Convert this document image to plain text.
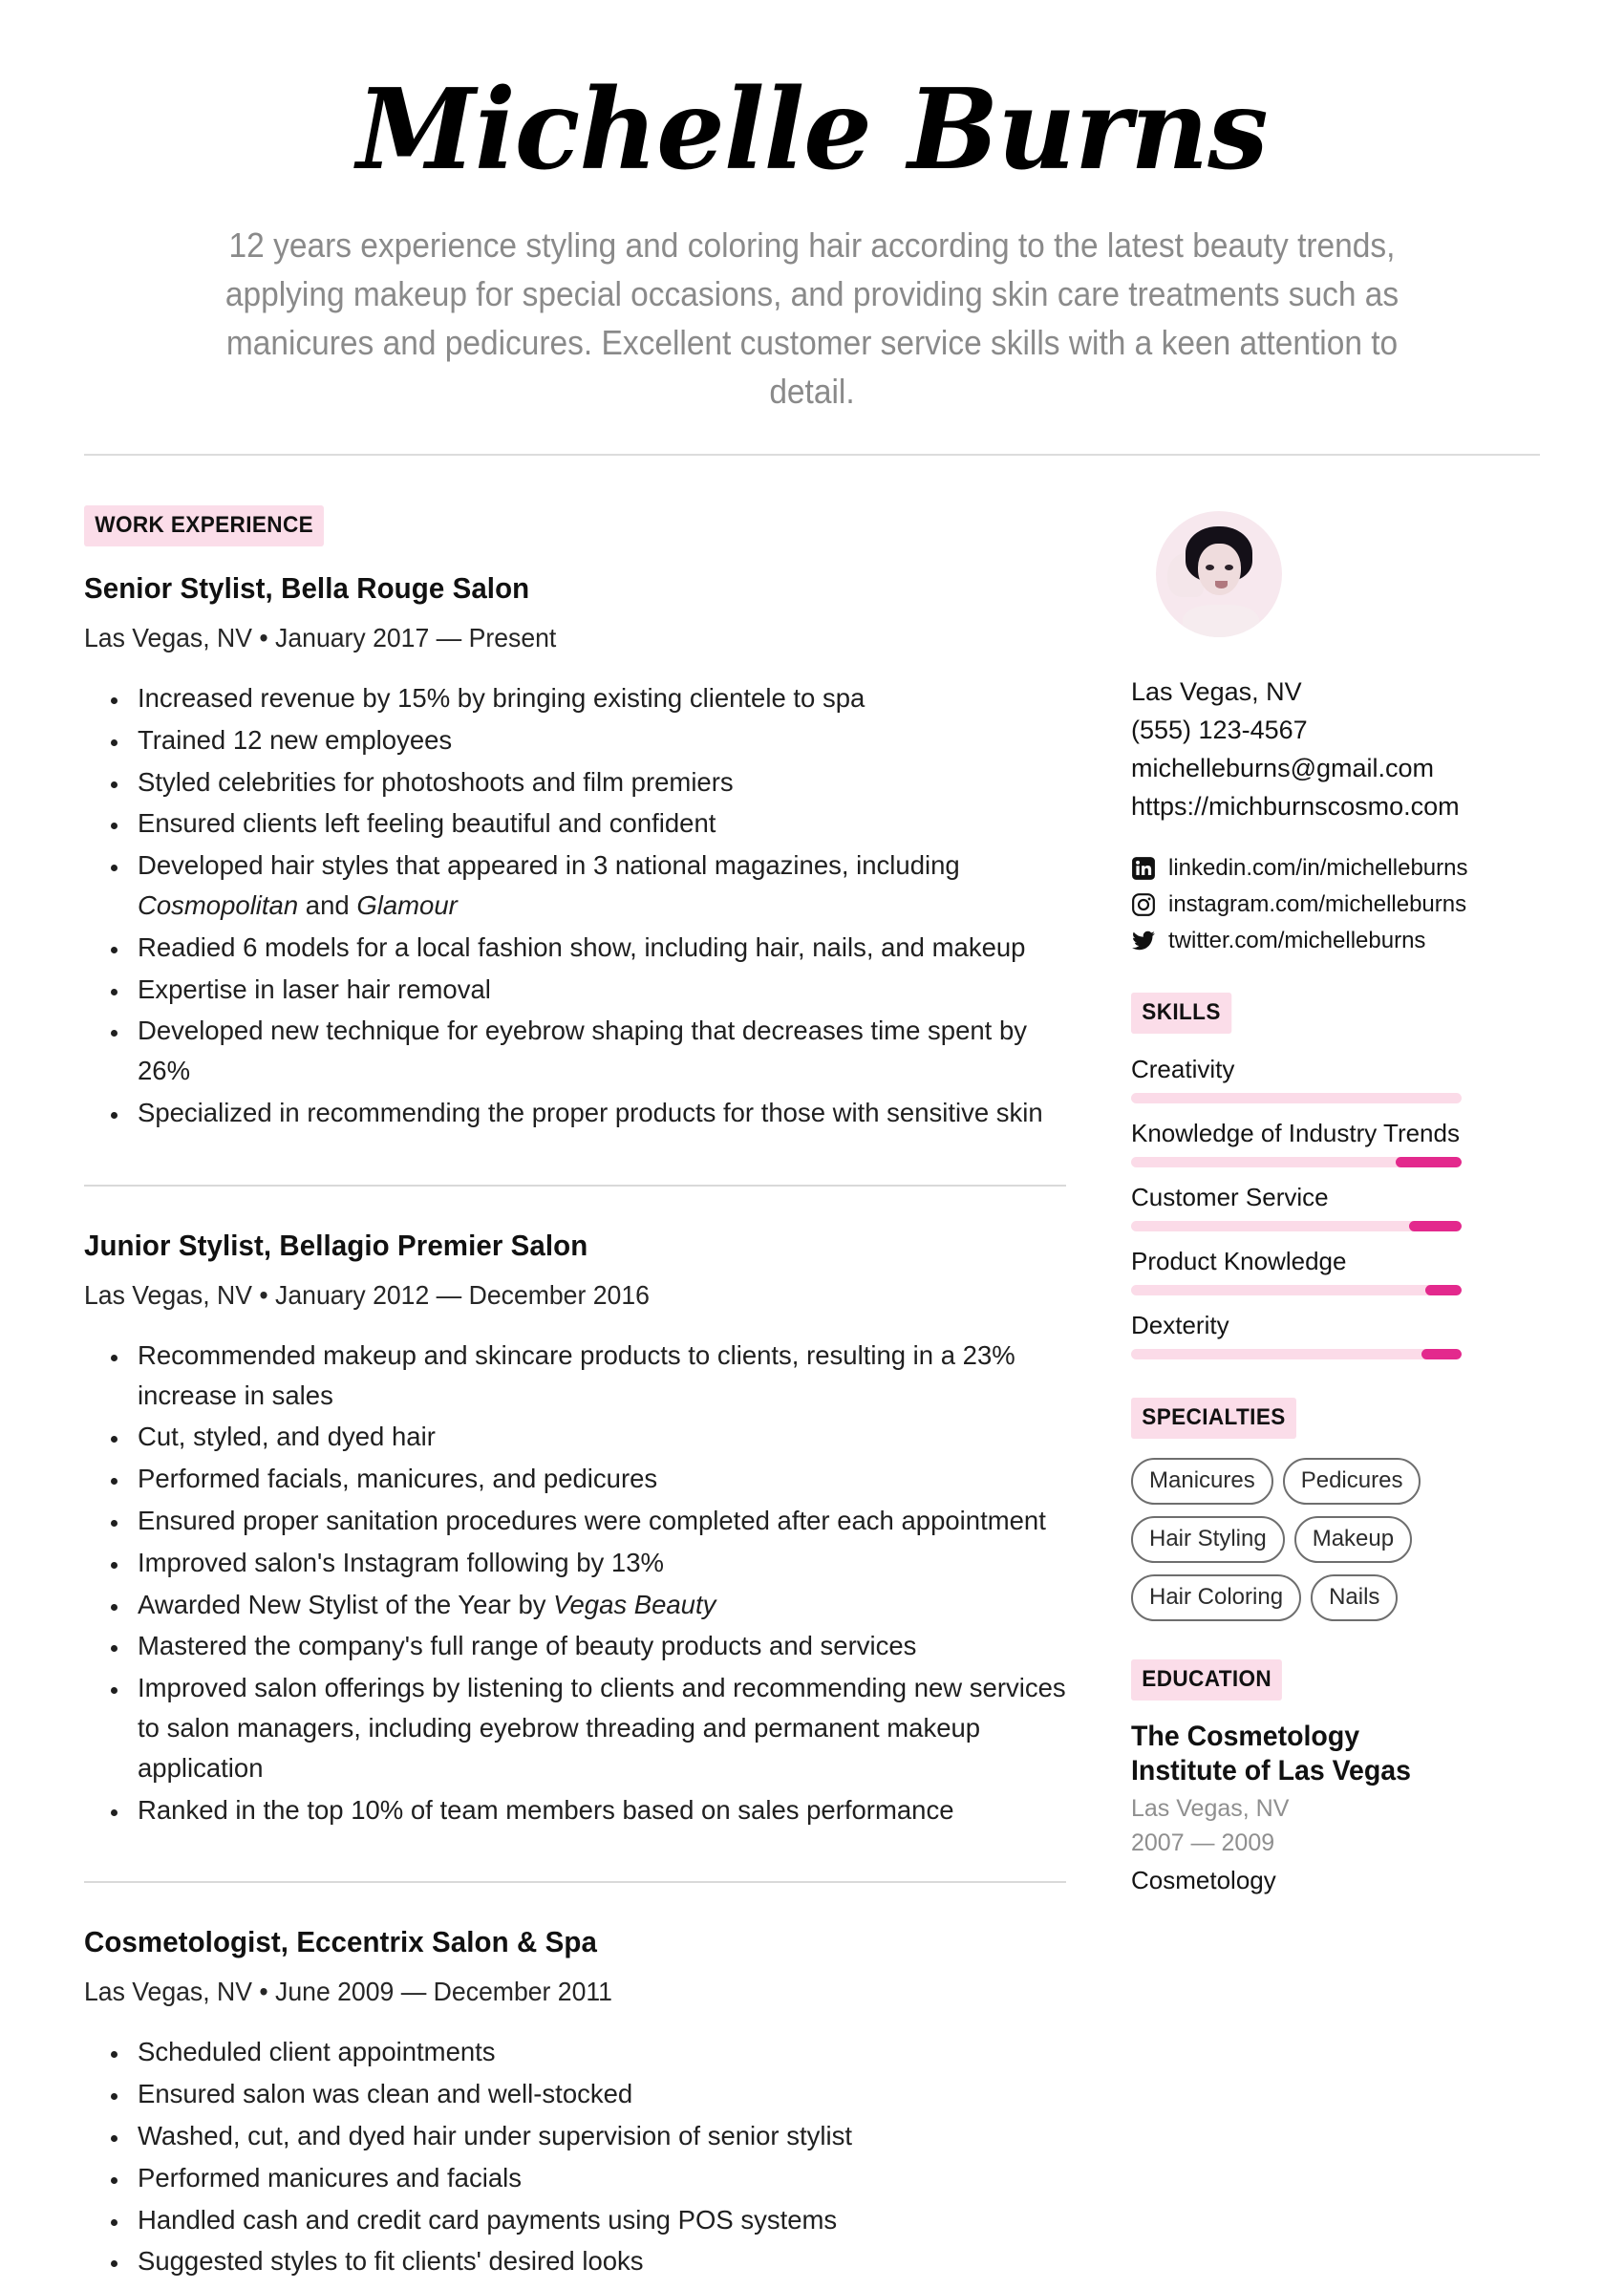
Michelle Burns
12 years experience styling and coloring hair according to the latest beauty trends, applying makeup for special occasions, and providing skin care treatments such as manicures and pedicures. Excellent customer service skills with a keen attention to detail.
WORK EXPERIENCE
Senior Stylist, Bella Rouge Salon
Las Vegas, NV • January 2017 — Present
• Increased revenue by 15% by bringing existing clientele to spa
• Trained 12 new employees
• Styled celebrities for photoshoots and film premiers
• Ensured clients left feeling beautiful and confident
• Developed hair styles that appeared in 3 national magazines, including Cosmopolitan and Glamour
• Readied 6 models for a local fashion show, including hair, nails, and makeup
• Expertise in laser hair removal
• Developed new technique for eyebrow shaping that decreases time spent by 26%
• Specialized in recommending the proper products for those with sensitive skin
Junior Stylist, Bellagio Premier Salon
Las Vegas, NV • January 2012 — December 2016
• Recommended makeup and skincare products to clients, resulting in a 23% increase in sales
• Cut, styled, and dyed hair
• Performed facials, manicures, and pedicures
• Ensured proper sanitation procedures were completed after each appointment
• Improved salon's Instagram following by 13%
• Awarded New Stylist of the Year by Vegas Beauty
• Mastered the company's full range of beauty products and services
• Improved salon offerings by listening to clients and recommending new services to salon managers, including eyebrow threading and permanent makeup application
• Ranked in the top 10% of team members based on sales performance
Cosmetologist, Eccentrix Salon & Spa
Las Vegas, NV • June 2009 — December 2011
• Scheduled client appointments
• Ensured salon was clean and well-stocked
• Washed, cut, and dyed hair under supervision of senior stylist
• Performed manicures and facials
• Handled cash and credit card payments using POS systems
• Suggested styles to fit clients' desired looks
Las Vegas, NV
(555) 123-4567
michelleburns@gmail.com
https://michburnscosmo.com
linkedin.com/in/michelleburns
instagram.com/michelleburns
twitter.com/michelleburns
SKILLS
Creativity
Knowledge of Industry Trends
Customer Service
Product Knowledge
Dexterity
SPECIALTIES
Manicures	Pedicures
Hair Styling	Makeup
Hair Coloring	Nails
EDUCATION
The Cosmetology Institute of Las Vegas
Las Vegas, NV
2007 — 2009
Cosmetology
